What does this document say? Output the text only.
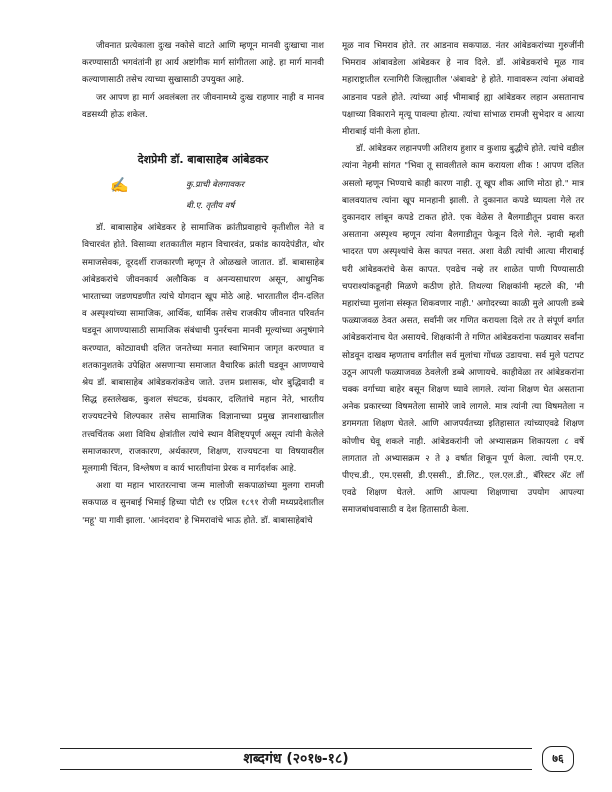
जीवनात प्रत्येकाला दुःख नकोसे वाटते आणि म्हणून मानवी दुःखाचा नाश करण्यासाठी भगवंतांनी हा आर्य अष्टांगीक मार्ग सांगीतला आहे. हा मार्ग मानवी कल्याणासाठी तसेच त्याच्या सुखासाठी उपयुक्त आहे.

जर आपण हा मार्ग अवलंबला तर जीवनामध्ये दुःख राहणार नाही व मानव वडसथ्यी होऊ शकेल.

देशप्रेमी डॉ. बाबासाहेब आंबेडकर
✍	कु.प्राची बेलगावकर
बी.ए. तृतीय वर्ष

डॉ. बाबासाहेब आंबेडकर हे सामाजिक क्रांतीप्रवाहाचे कृतीशील नेते व विचारवंत होते. विसाव्या शतकातील महान विचारवंत, प्रकांड कायदेपंडीत, थोर समाजसेवक, दूरदर्शी राजकारणी म्हणून ते ओळखले जातात. डॉ. बाबासाहेब आंबेडकरांचे जीवनकार्य अलौकिक व अनन्यसाधारण असून, आधुनिक भारताच्या जडणघडणीत त्यांचे योगदान खूप मोठे आहे. भारतातील दीन-दलित व अस्पृश्यांच्या सामाजिक, आर्थिक, धार्मिक तसेच राजकीय जीवनात परिवर्तन घडवून आणण्यासाठी सामाजिक संबंधाची पुनर्रचना मानवी मूल्यांच्या अनुषंगाने करण्यात, कोट्यावधी दलित जनतेच्या मनात स्वाभिमान जागृत करण्यात व शतकानुशतके उपेक्षित असणाऱ्या समाजात वैचारिक क्रांती घडवून आणण्याचे श्रेय डॉ. बाबासाहेब आंबेडकरांकडेच जाते. उत्तम प्रशासक, थोर बुद्धिवादी व सिद्ध हस्तलेखक, कुशल संघटक, ग्रंथकार, दलितांचे महान नेते, भारतीय राज्यघटनेचे शिल्पकार तसेच सामाजिक विज्ञानाच्या प्रमुख ज्ञानशाखातील तत्त्वचिंतक अशा विविध क्षेत्रांतील त्यांचे स्थान वैशिष्ट्यपूर्ण असून त्यांनी केलेले समाजकारण, राजकारण, अर्थकारण, शिक्षण, राज्यघटना या विषयावरील मूलगामी चिंतन, विश्लेषण व कार्य भारतीयांना प्रेरक व मार्गदर्शक आहे.

अशा या महान भारतरत्नाचा जन्म मालोजी सकपाळांच्या मुलगा रामजी सकपाळ व सुनबाई भिमाई हिच्या पोटी १४ एप्रिल १८९१ रोजी मध्यप्रदेशातील 'महू' या गावी झाला. 'आनंदराव' हे भिमरावांचे भाऊ होते. डॉ. बाबासाहेबांचे

मूळ नाव भिमराव होते. तर आडनाव सकपाळ. नंतर आंबेडकरांच्या गुरुजींनी भिमराव आंबावडेला आंबेडकर हे नाव दिले. डॉ. आंबेडकरांचे मूळ गाव महाराष्ट्रातील रत्नागिरी जिल्ह्यातील 'अंबावडे' हे होते. गावावरून त्यांना अंबावडे आडनाव पडले होते. त्यांच्या आई भीमाबाई ह्या आंबेडकर लहान असतानाच पक्षाच्या विकाराने मृत्यू पावल्या होत्या. त्यांचा सांभाळ रामजी सुभेदार व आत्या मीराबाई यांनी केला होता.

डॉ. आंबेडकर लहानपणी अतिशय हुशार व कुशाग्र बुद्धीचे होते. त्यांचे वडील त्यांना नेहमी सांगत "भिवा तू सावलीतले काम करायला शीक ! आपण दलित असलो म्हणून भिण्याचे काही कारण नाही. तू खूप शीक आणि मोठा हो." मात्र बालवयातच त्यांना खूप मानहानी झाली. ते दुकानात कपडे घ्यायला गेले तर दुकानदार लांबून कपडे टाकत होते. एक वेळेस ते बैलगाडीतून प्रवास करत असताना अस्पृश्य म्हणून त्यांना बैलगाडीतून फेकून दिले गेले. न्हावी म्हशी भादरत पण अस्पृश्यांचे केस कापत नसत. अशा वेळी त्यांची आत्या मीराबाई घरी आंबेडकरांचे केस कापत. एवढेच नव्हे तर शाळेत पाणी पिण्यासाठी चपराश्यांकडूनही मिळणे कठीण होते. तिथल्या शिक्षकांनी म्हटले की, 'मी महारांच्या मुलांना संस्कृत शिकवणार नाही.' अगोदरच्या काळी मुले आपली डब्बे फळ्याजवळ ठेवत असत, सर्वांनी जर गणित करायला दिले तर ते संपूर्ण वर्गात आंबेडकरांनाच येत असायचे. शिक्षकांनी ते गणित आंबेडकरांना फळ्यावर सर्वांना सोडवून दाखव म्हणताच वर्गातील सर्व मुलांचा गोंधळ उडायचा. सर्व मुले पटापट उठून आपली फळ्याजवळ ठेवलेली डब्बे आणायचे. काहीवेळा तर आंबेडकरांना चक्क वर्गाच्या बाहेर बसून शिक्षण घ्यावे लागले. त्यांना शिक्षण घेत असताना अनेक प्रकारच्या विषमतेला सामोरे जावे लागले. मात्र त्यांनी त्या विषमतेला न डगमगता शिक्षण घेतले. आणि आजपर्यंतच्या इतिहासात त्यांच्याएवढे शिक्षण कोणीच घेवू शकले नाही. आंबेडकरांनी जो अभ्यासक्रम शिकायला ८ वर्षे लागतात तो अभ्यासक्रम २ ते ३ वर्षात शिकून पूर्ण केला. त्यांनी एम.ए. पीएच.डी., एम.एससी, डी.एससी., डी.लिट., एल.एल.डी., बॅरिस्टर ॲट लॉ एवढे शिक्षण घेतले. आणि आपल्या शिक्षणाचा उपयोग आपल्या समाजबांधवासाठी व देश हितासाठी केला.

शब्दगंध (२०१७-१८)	७६
